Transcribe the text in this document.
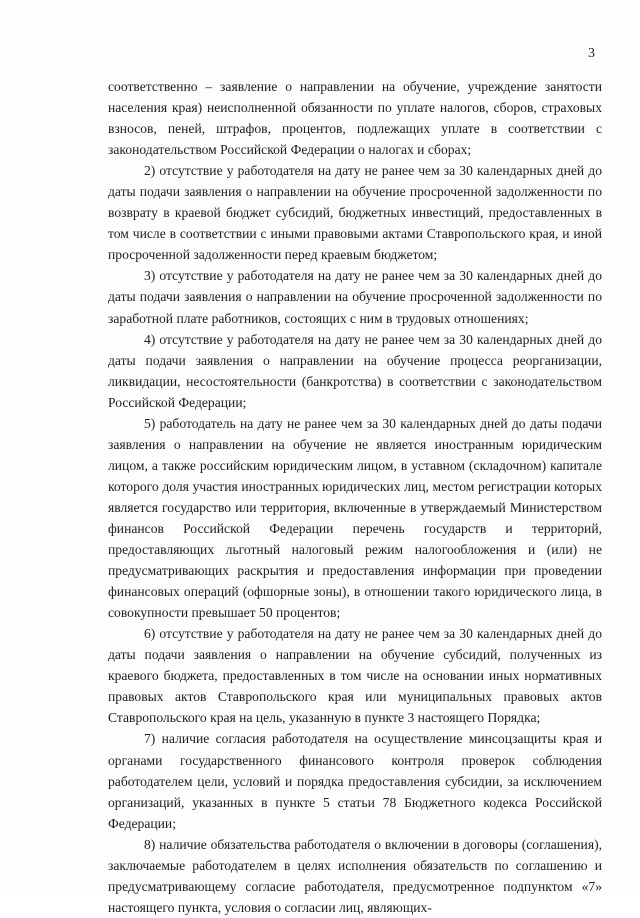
3

соответственно – заявление о направлении на обучение, учреждение занятости населения края) неисполненной обязанности по уплате налогов, сборов, страховых взносов, пеней, штрафов, процентов, подлежащих уплате в соответствии с законодательством Российской Федерации о налогах и сборах;

2) отсутствие у работодателя на дату не ранее чем за 30 календарных дней до даты подачи заявления о направлении на обучение просроченной задолженности по возврату в краевой бюджет субсидий, бюджетных инвестиций, предоставленных в том числе в соответствии с иными правовыми актами Ставропольского края, и иной просроченной задолженности перед краевым бюджетом;

3) отсутствие у работодателя на дату не ранее чем за 30 календарных дней до даты подачи заявления о направлении на обучение просроченной задолженности по заработной плате работников, состоящих с ним в трудовых отношениях;

4) отсутствие у работодателя на дату не ранее чем за 30 календарных дней до даты подачи заявления о направлении на обучение процесса реорганизации, ликвидации, несостоятельности (банкротства) в соответствии с законодательством Российской Федерации;

5) работодатель на дату не ранее чем за 30 календарных дней до даты подачи заявления о направлении на обучение не является иностранным юридическим лицом, а также российским юридическим лицом, в уставном (складочном) капитале которого доля участия иностранных юридических лиц, местом регистрации которых является государство или территория, включенные в утверждаемый Министерством финансов Российской Федерации перечень государств и территорий, предоставляющих льготный налоговый режим налогообложения и (или) не предусматривающих раскрытия и предоставления информации при проведении финансовых операций (офшорные зоны), в отношении такого юридического лица, в совокупности превышает 50 процентов;

6) отсутствие у работодателя на дату не ранее чем за 30 календарных дней до даты подачи заявления о направлении на обучение субсидий, полученных из краевого бюджета, предоставленных в том числе на основании иных нормативных правовых актов Ставропольского края или муниципальных правовых актов Ставропольского края на цель, указанную в пункте 3 настоящего Порядка;

7) наличие согласия работодателя на осуществление минсоцзащиты края и органами государственного финансового контроля проверок соблюдения работодателем цели, условий и порядка предоставления субсидии, за исключением организаций, указанных в пункте 5 статьи 78 Бюджетного кодекса Российской Федерации;

8) наличие обязательства работодателя о включении в договоры (соглашения), заключаемые работодателем в целях исполнения обязательств по соглашению и предусматривающему согласие работодателя, предусмотренное подпунктом «7» настоящего пункта, условия о согласии лиц, являющих-
